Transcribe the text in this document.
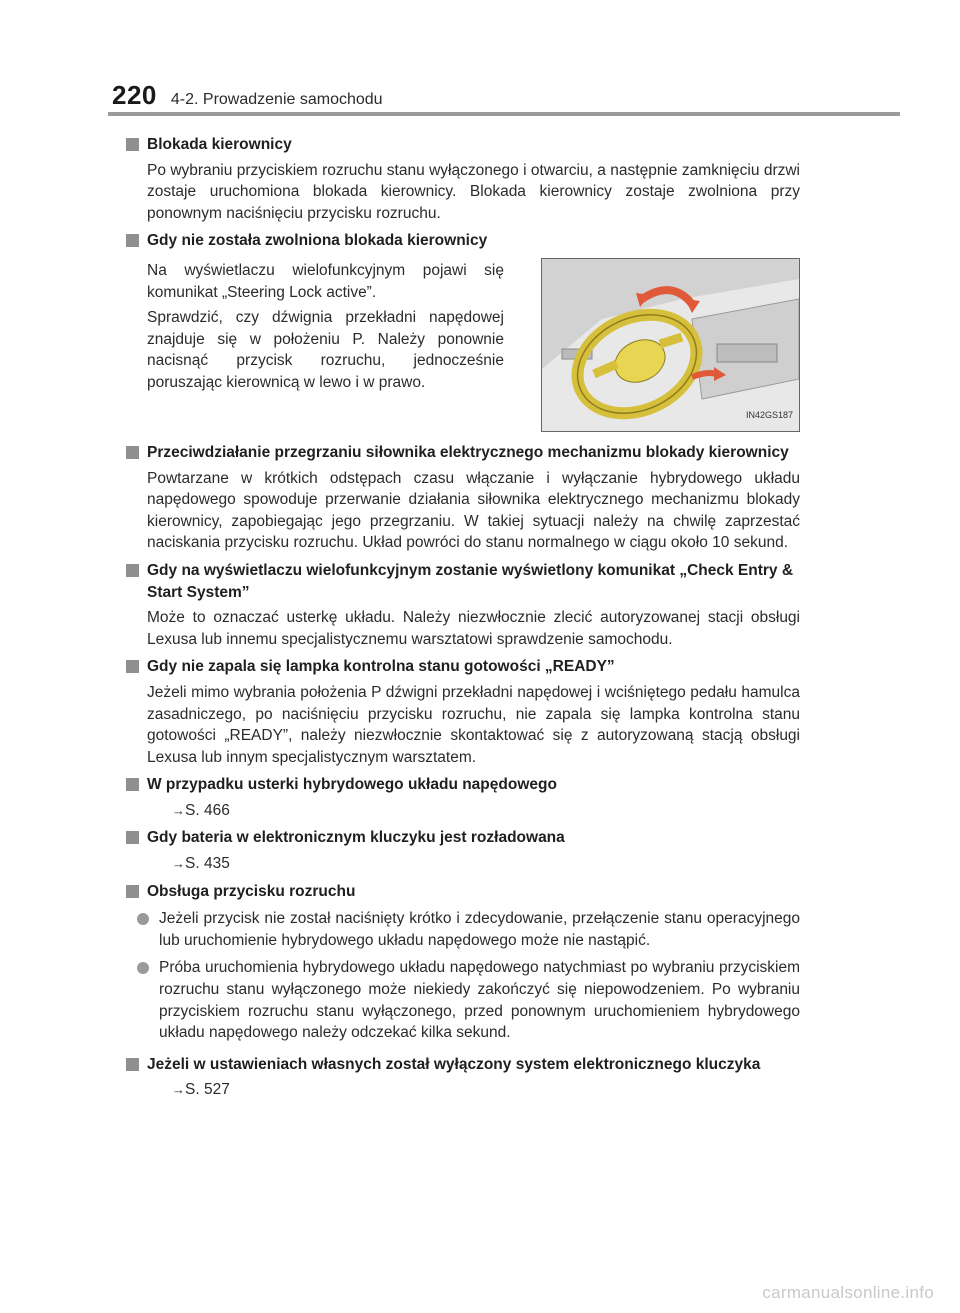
220 4-2. Prowadzenie samochodu
Blokada kierownicy
Po wybraniu przyciskiem rozruchu stanu wyłączonego i otwarciu, a następnie zamknięciu drzwi zostaje uruchomiona blokada kierownicy. Blokada kierownicy zostaje zwolniona przy ponownym naciśnięciu przycisku rozruchu.
Gdy nie została zwolniona blokada kierownicy
Na wyświetlaczu wielofunkcyjnym pojawi się komunikat „Steering Lock active”.
Sprawdzić, czy dźwignia przekładni napędowej znajduje się w położeniu P. Należy ponownie nacisnąć przycisk rozruchu, jednocześnie poruszając kierownicą w lewo i w prawo.
IN42GS187
Przeciwdziałanie przegrzaniu siłownika elektrycznego mechanizmu blokady kierownicy
Powtarzane w krótkich odstępach czasu włączanie i wyłączanie hybrydowego układu napędowego spowoduje przerwanie działania siłownika elektrycznego mechanizmu blokady kierownicy, zapobiegając jego przegrzaniu. W takiej sytuacji należy na chwilę zaprzestać naciskania przycisku rozruchu. Układ powróci do stanu normalnego w ciągu około 10 sekund.
Gdy na wyświetlaczu wielofunkcyjnym zostanie wyświetlony komunikat „Check Entry & Start System”
Może to oznaczać usterkę układu. Należy niezwłocznie zlecić autoryzowanej stacji obsługi Lexusa lub innemu specjalistycznemu warsztatowi sprawdzenie samochodu.
Gdy nie zapala się lampka kontrolna stanu gotowości „READY”
Jeżeli mimo wybrania położenia P dźwigni przekładni napędowej i wciśniętego pedału hamulca zasadniczego, po naciśnięciu przycisku rozruchu, nie zapala się lampka kontrolna stanu gotowości „READY”, należy niezwłocznie skontaktować się z autoryzowaną stacją obsługi Lexusa lub innym specjalistycznym warsztatem.
W przypadku usterki hybrydowego układu napędowego
→S. 466
Gdy bateria w elektronicznym kluczyku jest rozładowana
→S. 435
Obsługa przycisku rozruchu
Jeżeli przycisk nie został naciśnięty krótko i zdecydowanie, przełączenie stanu operacyjnego lub uruchomienie hybrydowego układu napędowego może nie nastąpić.
Próba uruchomienia hybrydowego układu napędowego natychmiast po wybraniu przyciskiem rozruchu stanu wyłączonego może niekiedy zakończyć się niepowodzeniem. Po wybraniu przyciskiem rozruchu stanu wyłączonego, przed ponownym uruchomieniem hybrydowego układu napędowego należy odczekać kilka sekund.
Jeżeli w ustawieniach własnych został wyłączony system elektronicznego kluczyka
→S. 527
carmanualsonline.info
